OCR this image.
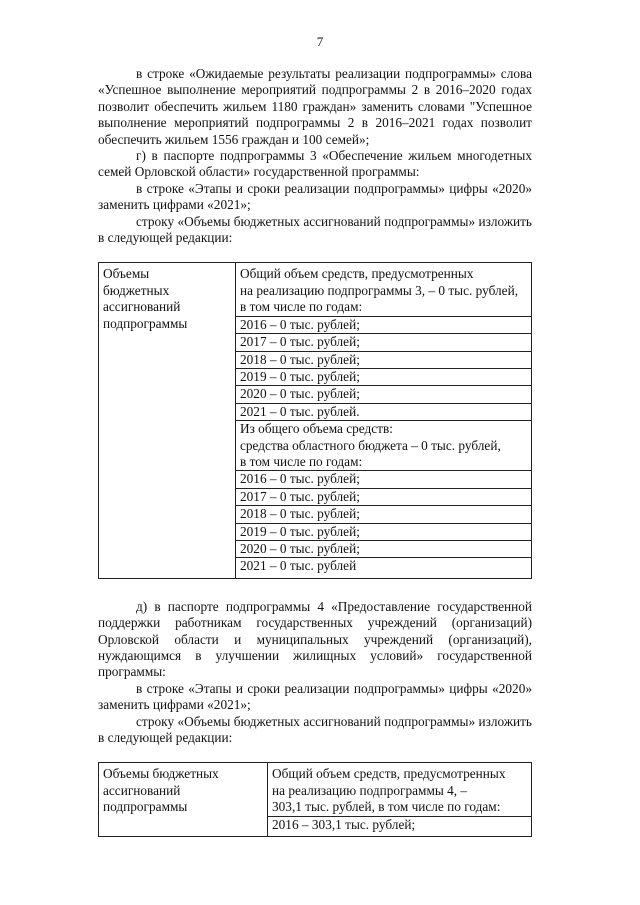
7

в строке «Ожидаемые результаты реализации подпрограммы» слова «Успешное выполнение мероприятий подпрограммы 2 в 2016–2020 годах позволит обеспечить жильем 1180 граждан» заменить словами "Успешное выполнение мероприятий подпрограммы 2 в 2016–2021 годах позволит обеспечить жильем 1556 граждан и 100 семей»;

г) в паспорте подпрограммы 3 «Обеспечение жильем многодетных семей Орловской области» государственной программы:

в строке «Этапы и сроки реализации подпрограммы» цифры «2020» заменить цифрами «2021»;

строку «Объемы бюджетных ассигнований подпрограммы» изложить в следующей редакции:

Объемы
бюджетных
ассигнований
подпрограммы

Общий объем средств, предусмотренных
на реализацию подпрограммы 3, – 0 тыс. рублей,
в том числе по годам:
2016 – 0 тыс. рублей;
2017 – 0 тыс. рублей;
2018 – 0 тыс. рублей;
2019 – 0 тыс. рублей;
2020 – 0 тыс. рублей;
2021 – 0 тыс. рублей.
Из общего объема средств:
средства областного бюджета – 0 тыс. рублей,
в том числе по годам:
2016 – 0 тыс. рублей;
2017 – 0 тыс. рублей;
2018 – 0 тыс. рублей;
2019 – 0 тыс. рублей;
2020 – 0 тыс. рублей;
2021 – 0 тыс. рублей

д) в паспорте подпрограммы 4 «Предоставление государственной поддержки работникам государственных учреждений (организаций) Орловской области и муниципальных учреждений (организаций), нуждающимся в улучшении жилищных условий» государственной программы:

в строке «Этапы и сроки реализации подпрограммы» цифры «2020» заменить цифрами «2021»;

строку «Объемы бюджетных ассигнований подпрограммы» изложить в следующей редакции:

Объемы бюджетных
ассигнований
подпрограммы

Общий объем средств, предусмотренных
на реализацию подпрограммы 4, –
303,1 тыс. рублей, в том числе по годам:
2016 – 303,1 тыс. рублей;
